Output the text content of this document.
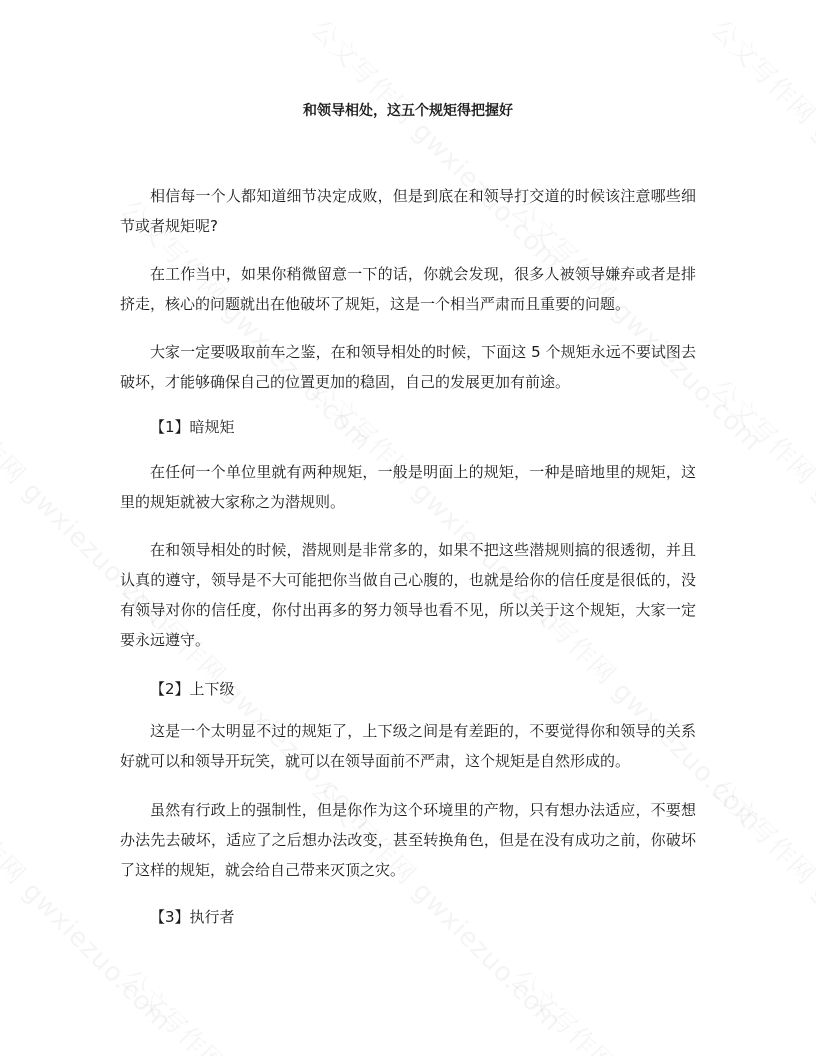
和领导相处，这五个规矩得把握好

相信每一个人都知道细节决定成败，但是到底在和领导打交道的时候该注意哪些细节或者规矩呢?

在工作当中，如果你稍微留意一下的话，你就会发现，很多人被领导嫌弃或者是排挤走，核心的问题就出在他破坏了规矩，这是一个相当严肃而且重要的问题。

大家一定要吸取前车之鉴，在和领导相处的时候，下面这 5 个规矩永远不要试图去破坏，才能够确保自己的位置更加的稳固，自己的发展更加有前途。

【1】暗规矩

在任何一个单位里就有两种规矩，一般是明面上的规矩，一种是暗地里的规矩，这里的规矩就被大家称之为潜规则。

在和领导相处的时候，潜规则是非常多的，如果不把这些潜规则搞的很透彻，并且认真的遵守，领导是不大可能把你当做自己心腹的，也就是给你的信任度是很低的，没有领导对你的信任度，你付出再多的努力领导也看不见，所以关于这个规矩，大家一定要永远遵守。

【2】上下级

这是一个太明显不过的规矩了，上下级之间是有差距的，不要觉得你和领导的关系好就可以和领导开玩笑，就可以在领导面前不严肃，这个规矩是自然形成的。

虽然有行政上的强制性，但是你作为这个环境里的产物，只有想办法适应，不要想办法先去破坏，适应了之后想办法改变，甚至转换角色，但是在没有成功之前，你破坏了这样的规矩，就会给自己带来灭顶之灾。

【3】执行者
